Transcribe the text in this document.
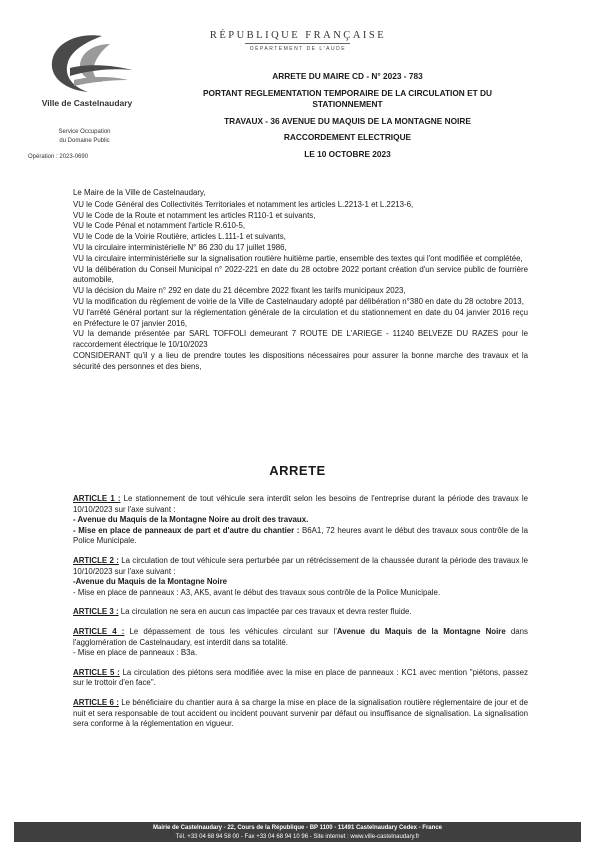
RÉPUBLIQUE FRANÇAISE
DÉPARTEMENT DE L'AUDE
Ville de Castelnaudary
Service Occupation
du Domaine Public
Opération : 2023-0690
ARRETE DU MAIRE CD - N° 2023 - 783
PORTANT REGLEMENTATION TEMPORAIRE DE LA CIRCULATION ET DU
STATIONNEMENT
TRAVAUX - 36 AVENUE DU MAQUIS DE LA MONTAGNE NOIRE
RACCORDEMENT ELECTRIQUE
LE 10 OCTOBRE 2023

Le Maire de la Ville de Castelnaudary,

VU le Code Général des Collectivités Territoriales et notamment les articles L.2213-1 et L.2213-6,

VU le Code de la Route et notamment les articles R110-1 et suivants,

VU le Code Pénal et notamment l'article R.610-5,

VU le Code de la Voirie Routière, articles L.111-1 et suivants,

VU la circulaire interministérielle N° 86 230 du 17 juillet 1986,

VU la circulaire interministérielle sur la signalisation routière huitième partie, ensemble des textes qui l'ont modifiée et complétée,

VU la délibération du Conseil Municipal n° 2022-221 en date du 28 octobre 2022 portant création d'un service public de fourrière automobile,

VU la décision du Maire n° 292 en date du 21 décembre 2022 fixant les tarifs municipaux 2023,

VU la modification du règlement de voirie de la Ville de Castelnaudary adopté par délibération n°380 en date du 28 octobre 2013,

VU l'arrêté Général portant sur la réglementation générale de la circulation et du stationnement en date du 04 janvier 2016 reçu en Préfecture le 07 janvier 2016,

VU la demande présentée par SARL TOFFOLI demeurant 7 ROUTE DE L'ARIEGE - 11240 BELVEZE DU RAZES pour le raccordement électrique le 10/10/2023

CONSIDERANT qu'il y a lieu de prendre toutes les dispositions nécessaires pour assurer la bonne marche des travaux et la sécurité des personnes et des biens,

ARRETE
ARTICLE 1 : Le stationnement de tout véhicule sera interdit selon les besoins de l'entreprise durant la période des travaux le 10/10/2023 sur l'axe suivant :
- Avenue du Maquis de la Montagne Noire au droit des travaux.
- Mise en place de panneaux de part et d'autre du chantier : B6A1, 72 heures avant le début des travaux sous contrôle de la Police Municipale.
ARTICLE 2 : La circulation de tout véhicule sera perturbée par un rétrécissement de la chaussée durant la période des travaux le 10/10/2023 sur l'axe suivant :
-Avenue du Maquis de la Montagne Noire
- Mise en place de panneaux : A3, AK5, avant le début des travaux sous contrôle de la Police Municipale.
ARTICLE 3 : La circulation ne sera en aucun cas impactée par ces travaux et devra rester fluide.
ARTICLE 4 : Le dépassement de tous les véhicules circulant sur l'Avenue du Maquis de la Montagne Noire dans l'agglomération de Castelnaudary, est interdit dans sa totalité.
- Mise en place de panneaux : B3a.
ARTICLE 5 : La circulation des piétons sera modifiée avec la mise en place de panneaux : KC1 avec mention "piétons, passez sur le trottoir d'en face".
ARTICLE 6 : Le bénéficiaire du chantier aura à sa charge la mise en place de la signalisation routière réglementaire de jour et de nuit et sera responsable de tout accident ou incident pouvant survenir par défaut ou insuffisance de signalisation. La signalisation sera conforme à la réglementation en vigueur.
Mairie de Castelnaudary - 22, Cours de la République - BP 1100 - 11491 Castelnaudary Cedex - France
Tél. +33 04 68 94 58 00 - Fax +33 04 68 94 10 96 - Site internet : www.ville-castelnaudary.fr
